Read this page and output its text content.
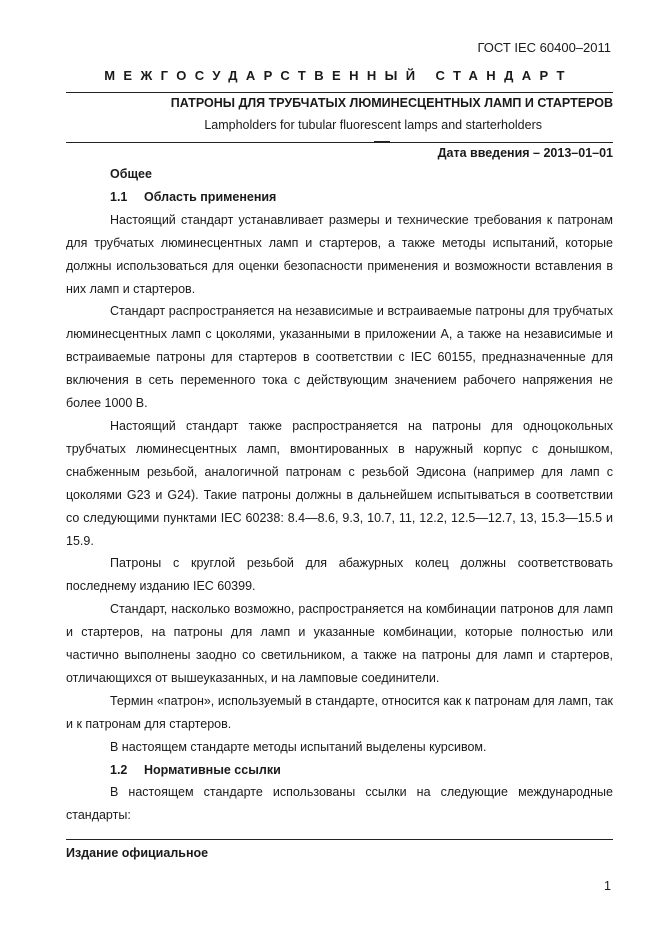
ГОСТ IEC 60400–2011
МЕЖГОСУДАРСТВЕННЫЙ СТАНДАРТ
ПАТРОНЫ ДЛЯ ТРУБЧАТЫХ ЛЮМИНЕСЦЕНТНЫХ ЛАМП И СТАРТЕРОВ
Lampholders for tubular fluorescent lamps and starterholders
Дата введения – 2013–01–01

Общее

1.1 Область применения

Настоящий стандарт устанавливает размеры и технические требования к патронам для трубчатых люминесцентных ламп и стартеров, а также методы испытаний, которые должны использоваться для оценки безопасности применения и возможности вставления в них ламп и стартеров.

Стандарт распространяется на независимые и встраиваемые патроны для трубчатых люминесцентных ламп с цоколями, указанными в приложении А, а также на независимые и встраиваемые патроны для стартеров в соответствии с IEC 60155, предназначенные для включения в сеть переменного тока с действующим значением рабочего напряжения не более 1000 В.

Настоящий стандарт также распространяется на патроны для одноцокольных трубчатых люминесцентных ламп, вмонтированных в наружный корпус с донышком, снабженным резьбой, аналогичной патронам с резьбой Эдисона (например для ламп с цоколями G23 и G24). Такие патроны должны в дальнейшем испытываться в соответствии со следующими пунктами IEC 60238: 8.4—8.6, 9.3, 10.7, 11, 12.2, 12.5—12.7, 13, 15.3—15.5 и 15.9.

Патроны с круглой резьбой для абажурных колец должны соответствовать последнему изданию IEC 60399.

Стандарт, насколько возможно, распространяется на комбинации патронов для ламп и стартеров, на патроны для ламп и указанные комбинации, которые полностью или частично выполнены заодно со светильником, а также на патроны для ламп и стартеров, отличающихся от вышеуказанных, и на ламповые соединители.

Термин «патрон», используемый в стандарте, относится как к патронам для ламп, так и к патронам для стартеров.

В настоящем стандарте методы испытаний выделены курсивом.

1.2 Нормативные ссылки

В настоящем стандарте использованы ссылки на следующие международные стандарты:

Издание официальное
1
